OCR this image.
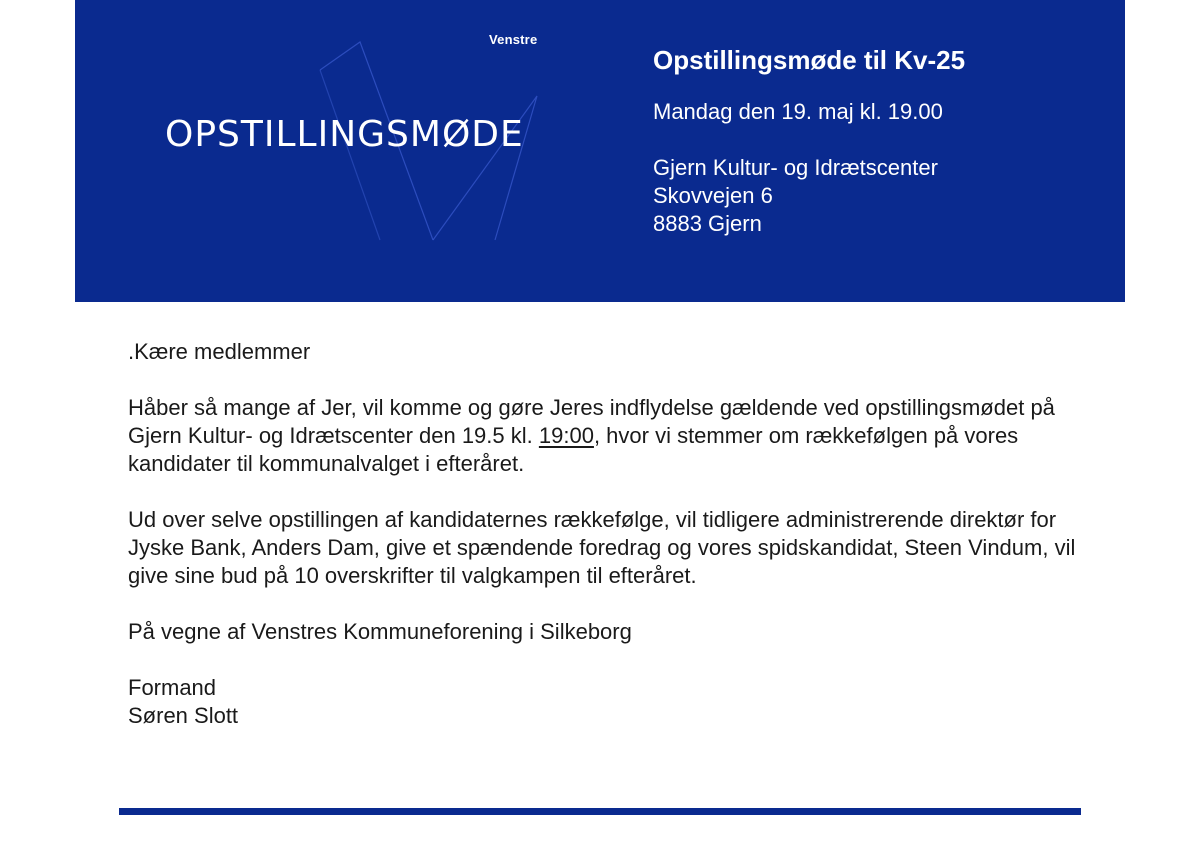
Venstre
OPSTILLINGSMØDE
Opstillingsmøde til Kv-25
Mandag den 19. maj kl. 19.00
Gjern Kultur- og Idrætscenter
Skovvejen 6
8883 Gjern

.Kære medlemmer

Håber så mange af Jer, vil komme og gøre Jeres indflydelse gældende ved opstillingsmødet på Gjern Kultur- og Idrætscenter den 19.5 kl. 19:00, hvor vi stemmer om rækkefølgen på vores kandidater til kommunalvalget i efteråret.

Ud over selve opstillingen af kandidaternes rækkefølge, vil tidligere administrerende direktør for Jyske Bank, Anders Dam, give et spændende foredrag og vores spidskandidat, Steen Vindum, vil give sine bud på 10 overskrifter til valgkampen til efteråret.

På vegne af Venstres Kommuneforening i Silkeborg

Formand

Søren Slott
